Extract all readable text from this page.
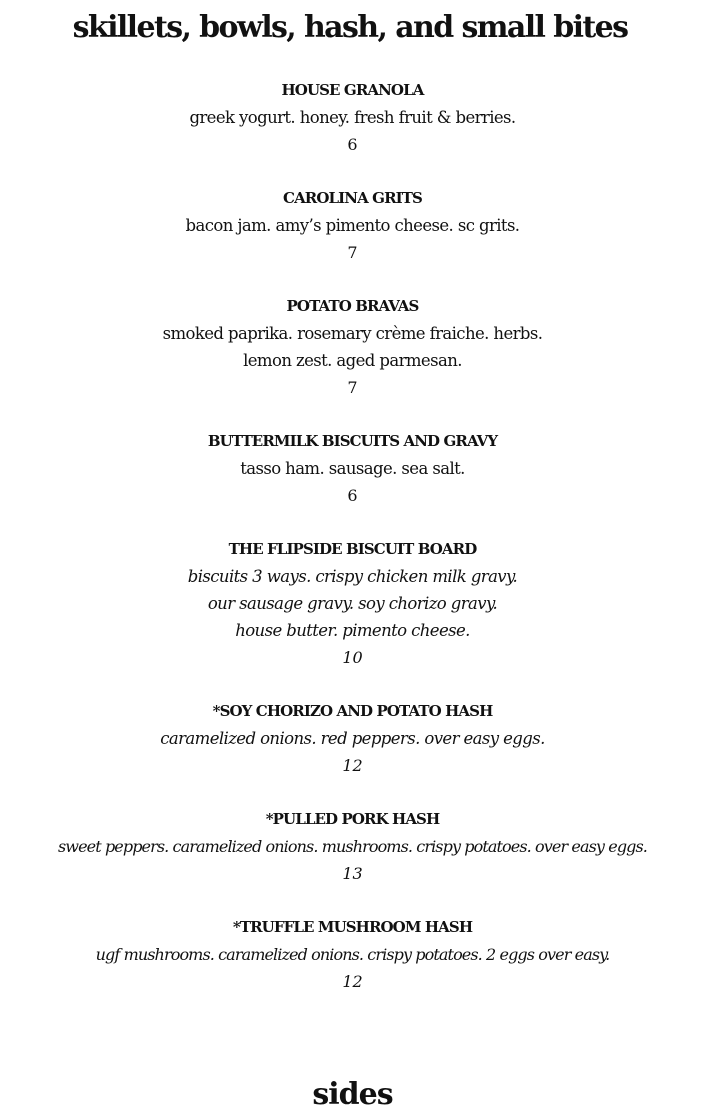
skillets, bowls, hash, and small bites
HOUSE GRANOLA
greek yogurt. honey. fresh fruit & berries.
6
CAROLINA GRITS
bacon jam. amy’s pimento cheese. sc grits.
7
POTATO BRAVAS
smoked paprika. rosemary crème fraiche. herbs.
lemon zest. aged parmesan.
7
BUTTERMILK BISCUITS AND GRAVY
tasso ham. sausage. sea salt.
6
THE FLIPSIDE BISCUIT BOARD
biscuits 3 ways. crispy chicken milk gravy.
our sausage gravy. soy chorizo gravy.
house butter. pimento cheese.
10
*SOY CHORIZO AND POTATO HASH
caramelized onions. red peppers. over easy eggs.
12
*PULLED PORK HASH
sweet peppers. caramelized onions. mushrooms. crispy potatoes. over easy eggs.
13
*TRUFFLE MUSHROOM HASH
ugf mushrooms. caramelized onions. crispy potatoes. 2 eggs over easy.
12
sides
